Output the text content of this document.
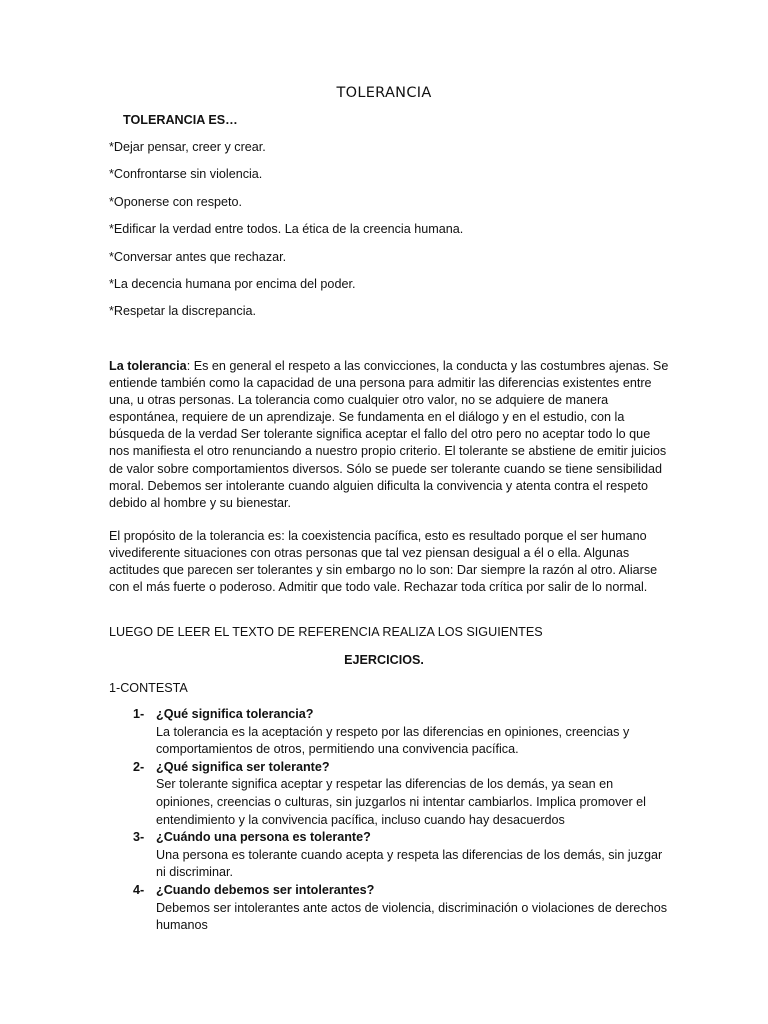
TOLERANCIA
TOLERANCIA ES…
*Dejar pensar, creer y crear.
*Confrontarse sin violencia.
*Oponerse con respeto.
*Edificar la verdad entre todos. La ética de la creencia humana.
*Conversar antes que rechazar.
*La decencia humana por encima del poder.
*Respetar la discrepancia.

La tolerancia: Es en general el respeto a las convicciones, la conducta y las costumbres ajenas. Se entiende también como la capacidad de una persona para admitir las diferencias existentes entre una, u otras personas. La tolerancia como cualquier otro valor, no se adquiere de manera espontánea, requiere de un aprendizaje. Se fundamenta en el diálogo y en el estudio, con la búsqueda de la verdad Ser tolerante significa aceptar el fallo del otro pero no aceptar todo lo que nos manifiesta el otro renunciando a nuestro propio criterio. El tolerante se abstiene de emitir juicios de valor sobre comportamientos diversos. Sólo se puede ser tolerante cuando se tiene sensibilidad moral. Debemos ser intolerante cuando alguien dificulta la convivencia y atenta contra el respeto debido al hombre y su bienestar.

El propósito de la tolerancia es: la coexistencia pacífica, esto es resultado porque el ser humano vivediferente situaciones con otras personas que tal vez piensan desigual a él o ella. Algunas actitudes que parecen ser tolerantes y sin embargo no lo son: Dar siempre la razón al otro. Aliarse con el más fuerte o poderoso. Admitir que todo vale. Rechazar toda crítica por salir de lo normal.

LUEGO DE LEER EL TEXTO DE REFERENCIA REALIZA LOS SIGUIENTES
EJERCICIOS.
1-CONTESTA
1- ¿Qué significa tolerancia?
La tolerancia es la aceptación y respeto por las diferencias en opiniones, creencias y comportamientos de otros, permitiendo una convivencia pacífica.
2- ¿Qué significa ser tolerante?
Ser tolerante significa aceptar y respetar las diferencias de los demás, ya sean en opiniones, creencias o culturas, sin juzgarlos ni intentar cambiarlos. Implica promover el entendimiento y la convivencia pacífica, incluso cuando hay desacuerdos
3- ¿Cuándo una persona es tolerante?
Una persona es tolerante cuando acepta y respeta las diferencias de los demás, sin juzgar ni discriminar.
4- ¿Cuando debemos ser intolerantes?
Debemos ser intolerantes ante actos de violencia, discriminación o violaciones de derechos humanos
